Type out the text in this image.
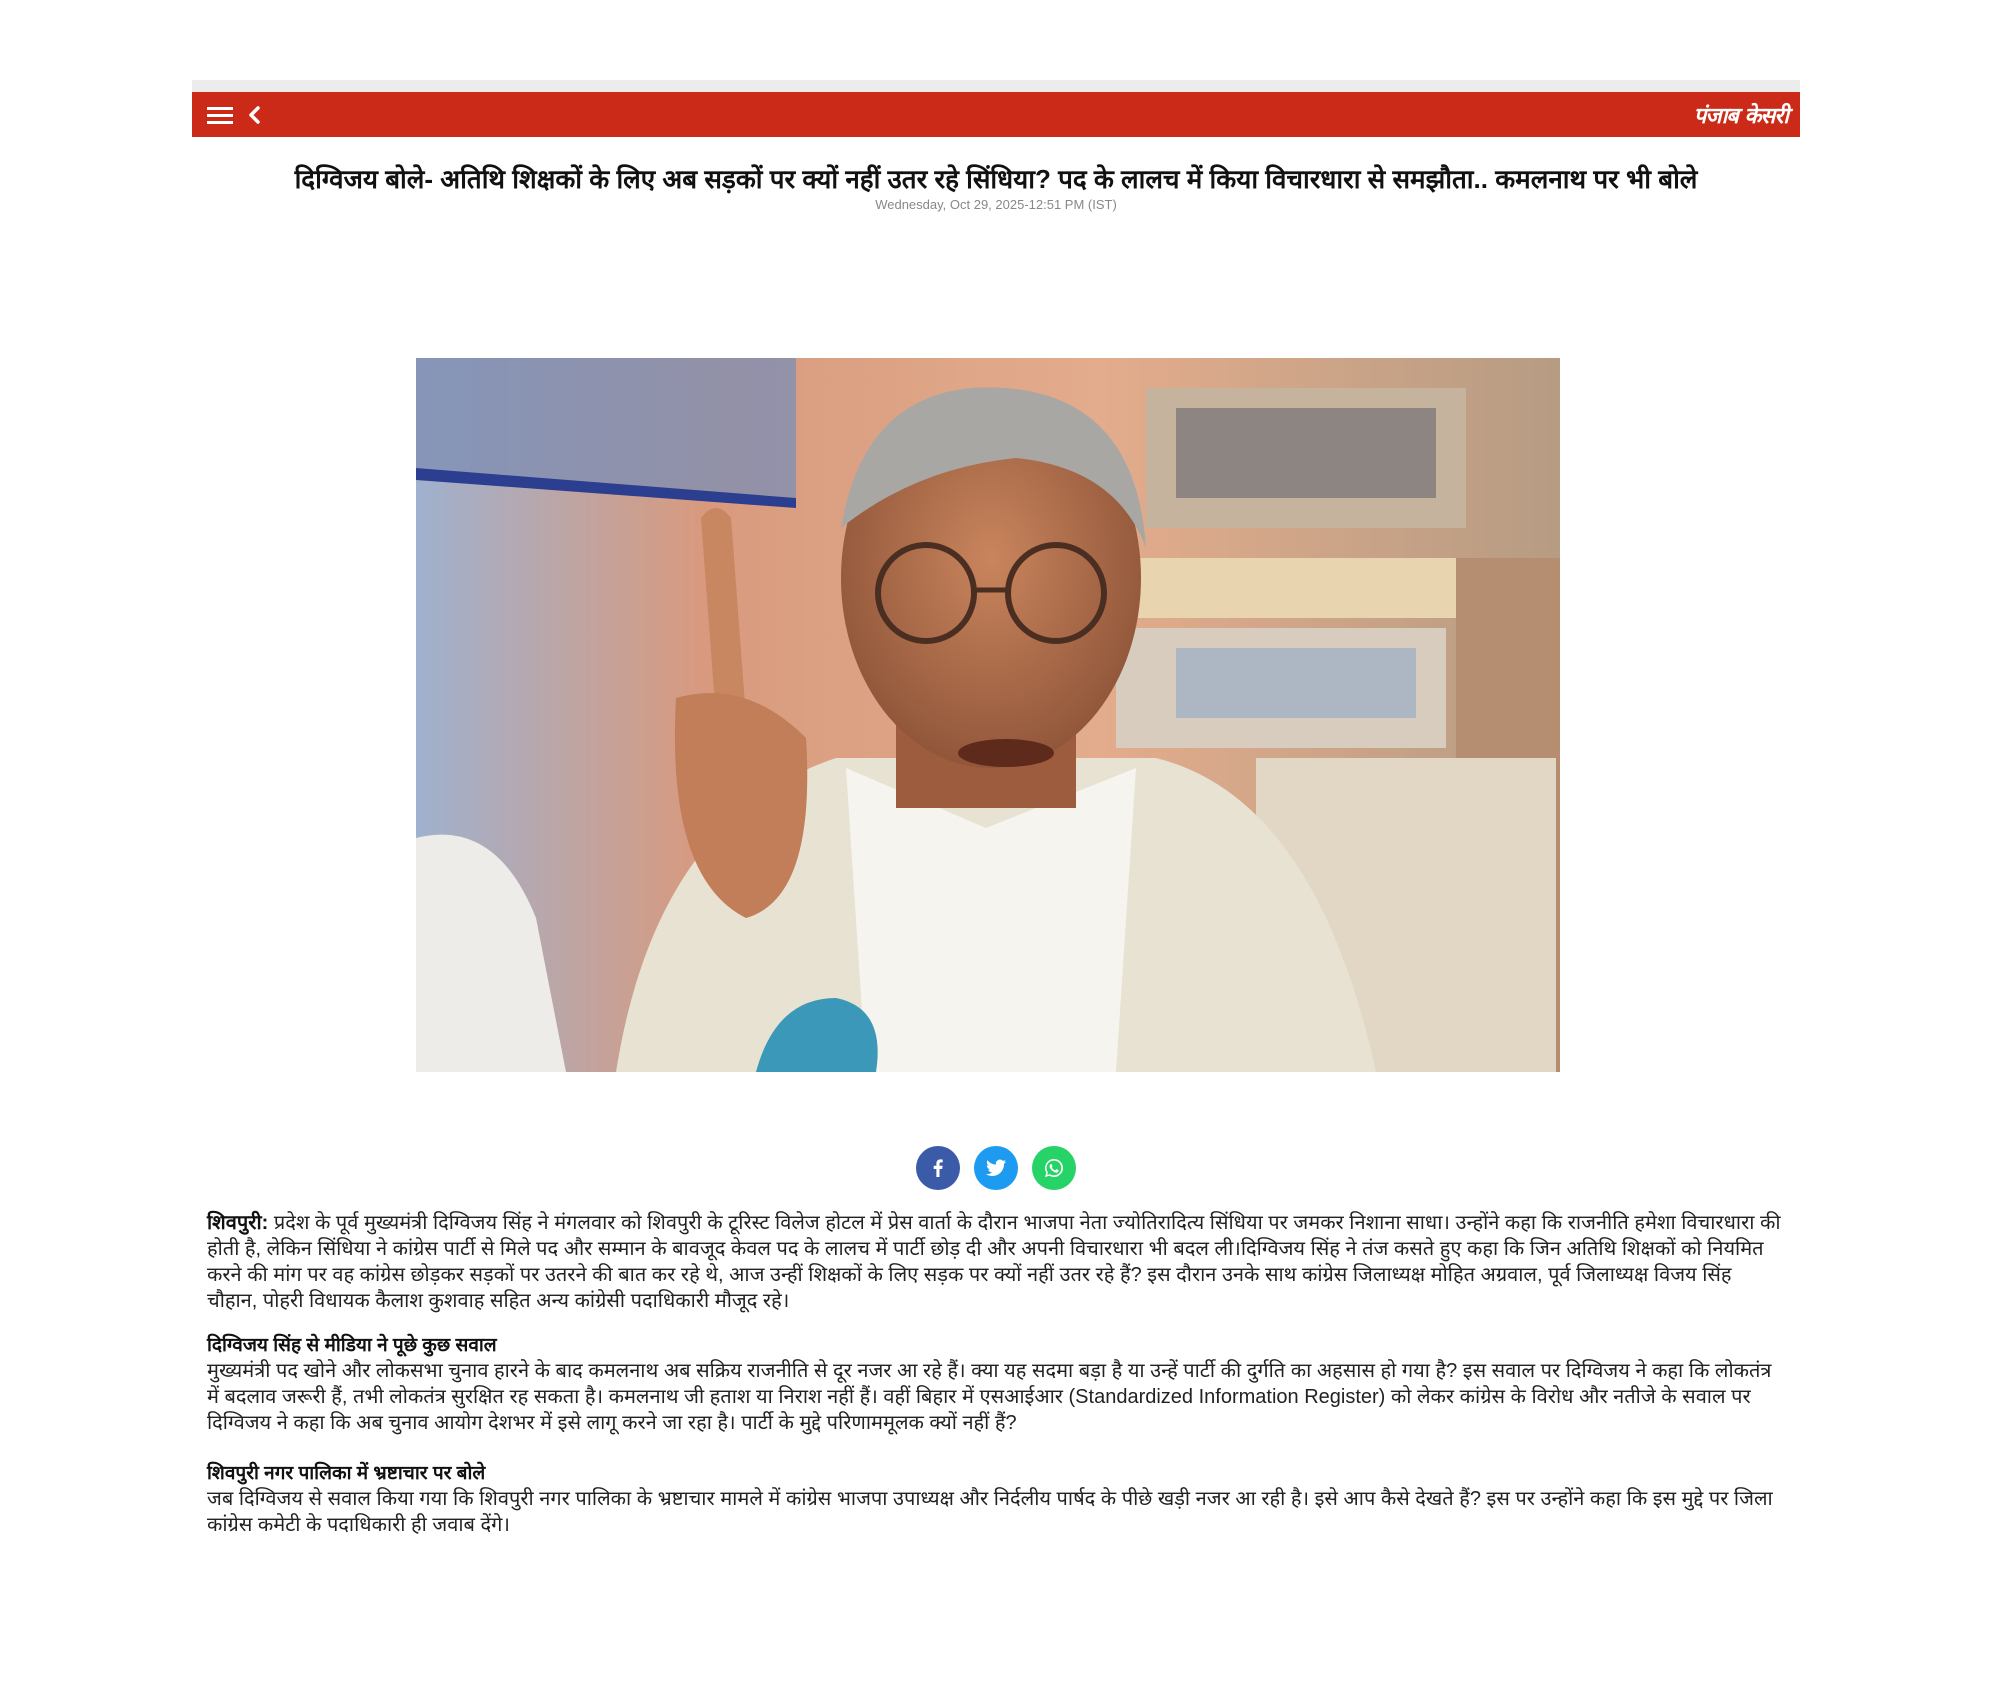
पंजाब केसरी
दिग्विजय बोले- अतिथि शिक्षकों के लिए अब सड़कों पर क्यों नहीं उतर रहे सिंधिया? पद के लालच में किया विचारधारा से समझौता.. कमलनाथ पर भी बोले
Wednesday, Oct 29, 2025-12:51 PM (IST)

शिवपुरी: प्रदेश के पूर्व मुख्यमंत्री दिग्विजय सिंह ने मंगलवार को शिवपुरी के टूरिस्ट विलेज होटल में प्रेस वार्ता के दौरान भाजपा नेता ज्योतिरादित्य सिंधिया पर जमकर निशाना साधा। उन्होंने कहा कि राजनीति हमेशा विचारधारा की होती है, लेकिन सिंधिया ने कांग्रेस पार्टी से मिले पद और सम्मान के बावजूद केवल पद के लालच में पार्टी छोड़ दी और अपनी विचारधारा भी बदल ली।दिग्विजय सिंह ने तंज कसते हुए कहा कि जिन अतिथि शिक्षकों को नियमित करने की मांग पर वह कांग्रेस छोड़कर सड़कों पर उतरने की बात कर रहे थे, आज उन्हीं शिक्षकों के लिए सड़क पर क्यों नहीं उतर रहे हैं? इस दौरान उनके साथ कांग्रेस जिलाध्यक्ष मोहित अग्रवाल, पूर्व जिलाध्यक्ष विजय सिंह चौहान, पोहरी विधायक कैलाश कुशवाह सहित अन्य कांग्रेसी पदाधिकारी मौजूद रहे।

दिग्विजय सिंह से मीडिया ने पूछे कुछ सवाल

मुख्यमंत्री पद खोने और लोकसभा चुनाव हारने के बाद कमलनाथ अब सक्रिय राजनीति से दूर नजर आ रहे हैं। क्या यह सदमा बड़ा है या उन्हें पार्टी की दुर्गति का अहसास हो गया है? इस सवाल पर दिग्विजय ने कहा कि लोकतंत्र में बदलाव जरूरी हैं, तभी लोकतंत्र सुरक्षित रह सकता है। कमलनाथ जी हताश या निराश नहीं हैं। वहीं बिहार में एसआईआर (Standardized Information Register) को लेकर कांग्रेस के विरोध और नतीजे के सवाल पर दिग्विजय ने कहा कि अब चुनाव आयोग देशभर में इसे लागू करने जा रहा है। पार्टी के मुद्दे परिणाममूलक क्यों नहीं हैं?

शिवपुरी नगर पालिका में भ्रष्टाचार पर बोले

जब दिग्विजय से सवाल किया गया कि शिवपुरी नगर पालिका के भ्रष्टाचार मामले में कांग्रेस भाजपा उपाध्यक्ष और निर्दलीय पार्षद के पीछे खड़ी नजर आ रही है। इसे आप कैसे देखते हैं? इस पर उन्होंने कहा कि इस मुद्दे पर जिला कांग्रेस कमेटी के पदाधिकारी ही जवाब देंगे।
